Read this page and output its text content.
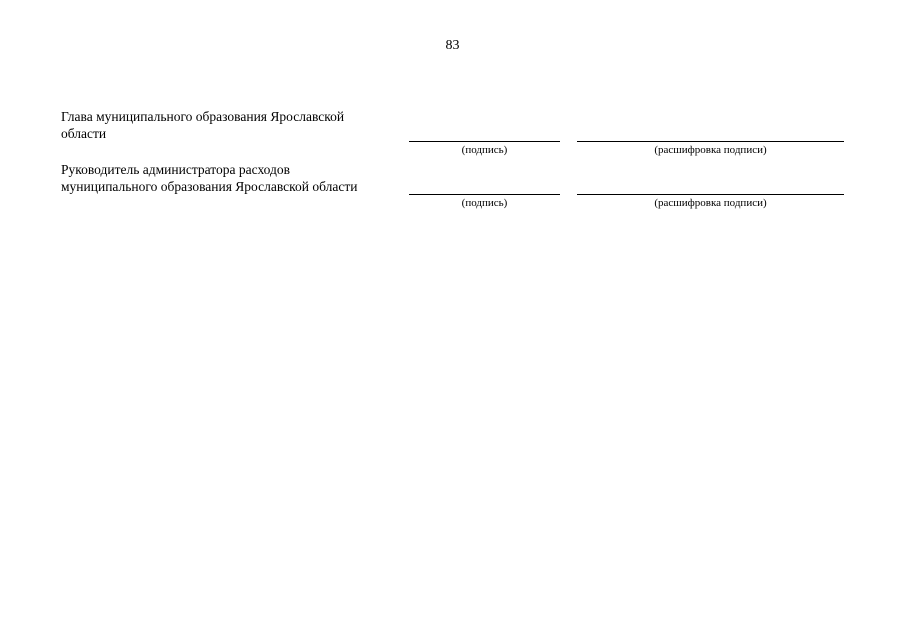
83
Глава муниципального образования Ярославской
области
(подпись)	(расшифровка подписи)
Руководитель администратора расходов
муниципального образования Ярославской области
(подпись)	(расшифровка подписи)
